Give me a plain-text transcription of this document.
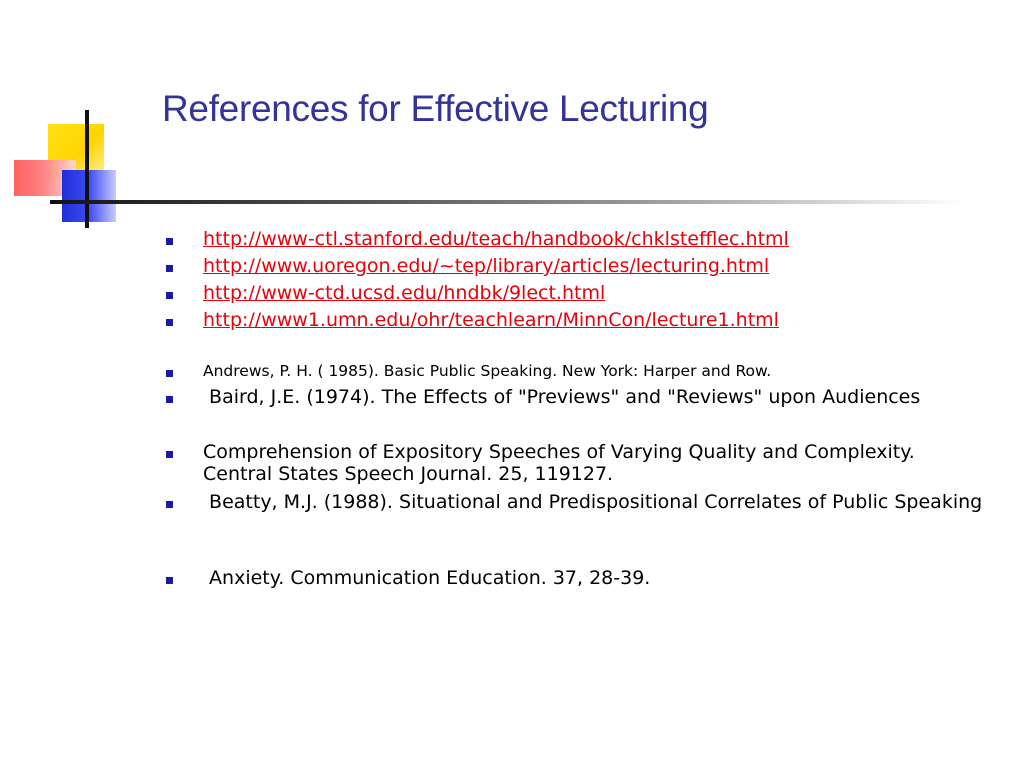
References for Effective Lecturing
http://www-ctl.stanford.edu/teach/handbook/chklstefflec.html
http://www.uoregon.edu/~tep/library/articles/lecturing.html
http://www-ctd.ucsd.edu/hndbk/9lect.html
http://www1.umn.edu/ohr/teachlearn/MinnCon/lecture1.html
Andrews, P. H. ( 1985). Basic Public Speaking. New York: Harper and Row.
Baird, J.E. (1974). The Effects of "Previews" and "Reviews" upon Audiences
Comprehension of Expository Speeches of Varying Quality and Complexity. Central States Speech Journal. 25, 119127.
Beatty, M.J. (1988). Situational and Predispositional Correlates of Public Speaking
Anxiety. Communication Education. 37, 28-39.
